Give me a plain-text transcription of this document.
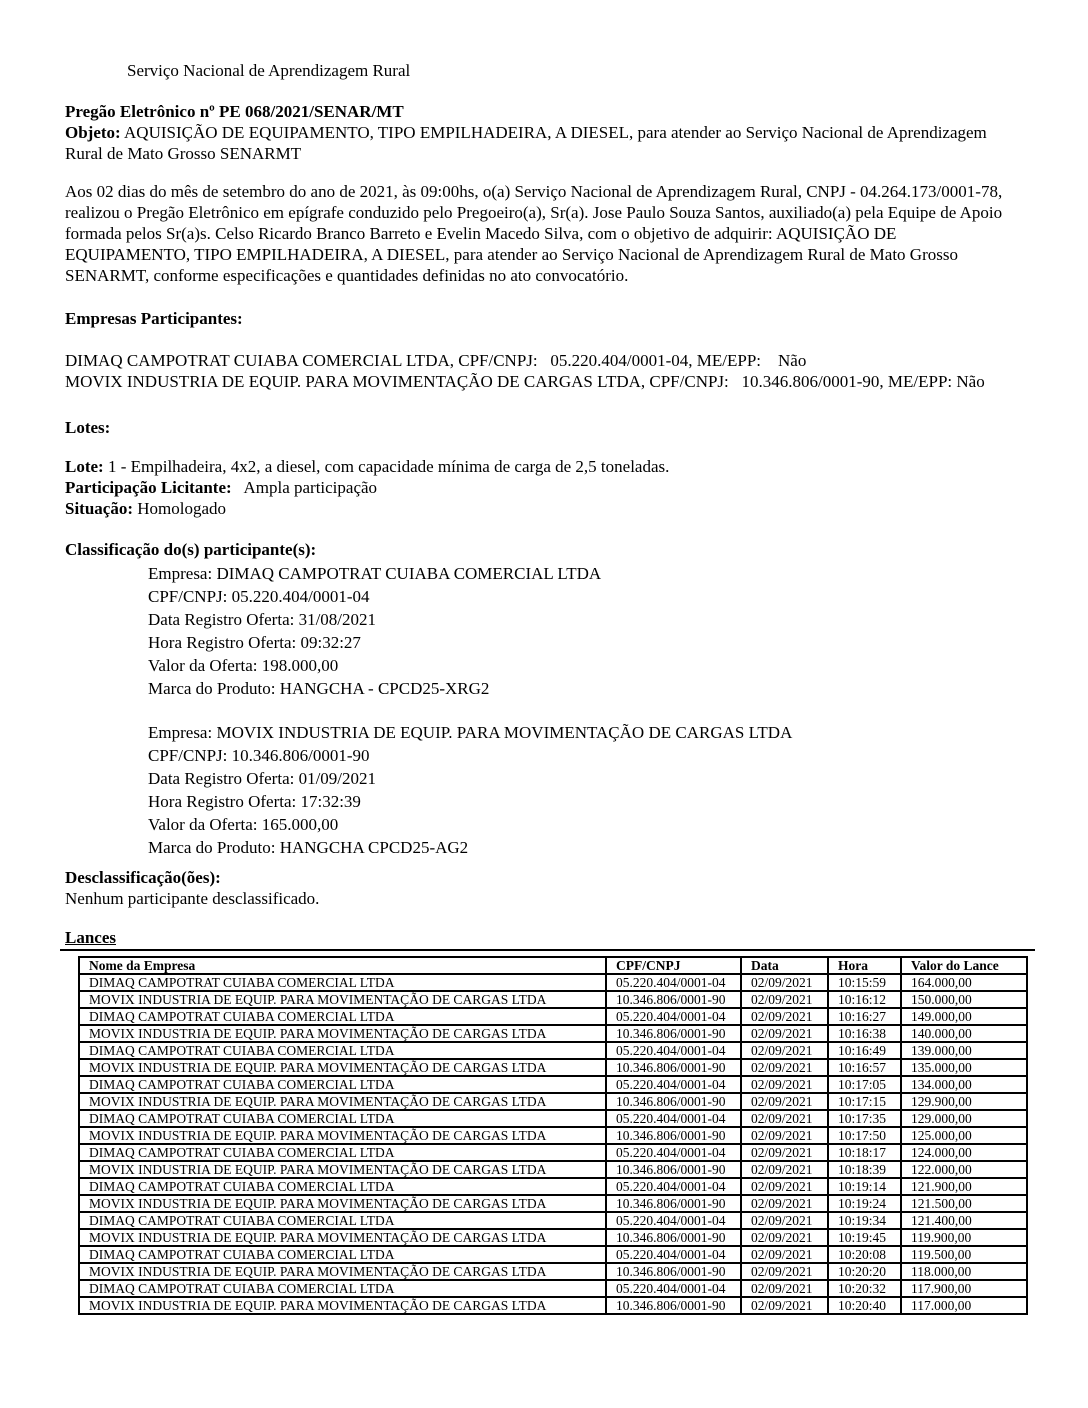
Serviço Nacional de Aprendizagem Rural

Pregão Eletrônico nº PE 068/2021/SENAR/MT

Objeto: AQUISIÇÃO DE EQUIPAMENTO, TIPO EMPILHADEIRA, A DIESEL, para atender ao Serviço Nacional de Aprendizagem Rural de Mato Grosso SENARMT

Aos 02 dias do mês de setembro do ano de 2021, às 09:00hs, o(a) Serviço Nacional de Aprendizagem Rural, CNPJ - 04.264.173/0001-78, realizou o Pregão Eletrônico em epígrafe conduzido pelo Pregoeiro(a), Sr(a). Jose Paulo Souza Santos, auxiliado(a) pela Equipe de Apoio formada pelos Sr(a)s. Celso Ricardo Branco Barreto e Evelin Macedo Silva, com o objetivo de adquirir: AQUISIÇÃO DE EQUIPAMENTO, TIPO EMPILHADEIRA, A DIESEL, para atender ao Serviço Nacional de Aprendizagem Rural de Mato Grosso SENARMT, conforme especificações e quantidades definidas no ato convocatório.

Empresas Participantes:
DIMAQ CAMPOTRAT CUIABA COMERCIAL LTDA, CPF/CNPJ:   05.220.404/0001-04, ME/EPP:    Não
MOVIX INDUSTRIA DE EQUIP. PARA MOVIMENTAÇÃO DE CARGAS LTDA, CPF/CNPJ:   10.346.806/0001-90, ME/EPP: Não
Lotes:

Lote: 1 - Empilhadeira, 4x2, a diesel, com capacidade mínima de carga de 2,5 toneladas.

Participação Licitante:   Ampla participação

Situação: Homologado

Classificação do(s) participante(s):
Empresa: DIMAQ CAMPOTRAT CUIABA COMERCIAL LTDA
CPF/CNPJ: 05.220.404/0001-04
Data Registro Oferta: 31/08/2021
Hora Registro Oferta: 09:32:27
Valor da Oferta: 198.000,00
Marca do Produto: HANGCHA - CPCD25-XRG2
Empresa: MOVIX INDUSTRIA DE EQUIP. PARA MOVIMENTAÇÃO DE CARGAS LTDA
CPF/CNPJ: 10.346.806/0001-90
Data Registro Oferta: 01/09/2021
Hora Registro Oferta: 17:32:39
Valor da Oferta: 165.000,00
Marca do Produto: HANGCHA CPCD25-AG2
Desclassificação(ões):

Nenhum participante desclassificado.

Lances
Nome da Empresa	CPF/CNPJ	Data	Hora	Valor do Lance
DIMAQ CAMPOTRAT CUIABA COMERCIAL LTDA	05.220.404/0001-04	02/09/2021	10:15:59	164.000,00
MOVIX INDUSTRIA DE EQUIP. PARA MOVIMENTAÇÃO DE CARGAS LTDA	10.346.806/0001-90	02/09/2021	10:16:12	150.000,00
DIMAQ CAMPOTRAT CUIABA COMERCIAL LTDA	05.220.404/0001-04	02/09/2021	10:16:27	149.000,00
MOVIX INDUSTRIA DE EQUIP. PARA MOVIMENTAÇÃO DE CARGAS LTDA	10.346.806/0001-90	02/09/2021	10:16:38	140.000,00
DIMAQ CAMPOTRAT CUIABA COMERCIAL LTDA	05.220.404/0001-04	02/09/2021	10:16:49	139.000,00
MOVIX INDUSTRIA DE EQUIP. PARA MOVIMENTAÇÃO DE CARGAS LTDA	10.346.806/0001-90	02/09/2021	10:16:57	135.000,00
DIMAQ CAMPOTRAT CUIABA COMERCIAL LTDA	05.220.404/0001-04	02/09/2021	10:17:05	134.000,00
MOVIX INDUSTRIA DE EQUIP. PARA MOVIMENTAÇÃO DE CARGAS LTDA	10.346.806/0001-90	02/09/2021	10:17:15	129.900,00
DIMAQ CAMPOTRAT CUIABA COMERCIAL LTDA	05.220.404/0001-04	02/09/2021	10:17:35	129.000,00
MOVIX INDUSTRIA DE EQUIP. PARA MOVIMENTAÇÃO DE CARGAS LTDA	10.346.806/0001-90	02/09/2021	10:17:50	125.000,00
DIMAQ CAMPOTRAT CUIABA COMERCIAL LTDA	05.220.404/0001-04	02/09/2021	10:18:17	124.000,00
MOVIX INDUSTRIA DE EQUIP. PARA MOVIMENTAÇÃO DE CARGAS LTDA	10.346.806/0001-90	02/09/2021	10:18:39	122.000,00
DIMAQ CAMPOTRAT CUIABA COMERCIAL LTDA	05.220.404/0001-04	02/09/2021	10:19:14	121.900,00
MOVIX INDUSTRIA DE EQUIP. PARA MOVIMENTAÇÃO DE CARGAS LTDA	10.346.806/0001-90	02/09/2021	10:19:24	121.500,00
DIMAQ CAMPOTRAT CUIABA COMERCIAL LTDA	05.220.404/0001-04	02/09/2021	10:19:34	121.400,00
MOVIX INDUSTRIA DE EQUIP. PARA MOVIMENTAÇÃO DE CARGAS LTDA	10.346.806/0001-90	02/09/2021	10:19:45	119.900,00
DIMAQ CAMPOTRAT CUIABA COMERCIAL LTDA	05.220.404/0001-04	02/09/2021	10:20:08	119.500,00
MOVIX INDUSTRIA DE EQUIP. PARA MOVIMENTAÇÃO DE CARGAS LTDA	10.346.806/0001-90	02/09/2021	10:20:20	118.000,00
DIMAQ CAMPOTRAT CUIABA COMERCIAL LTDA	05.220.404/0001-04	02/09/2021	10:20:32	117.900,00
MOVIX INDUSTRIA DE EQUIP. PARA MOVIMENTAÇÃO DE CARGAS LTDA	10.346.806/0001-90	02/09/2021	10:20:40	117.000,00
